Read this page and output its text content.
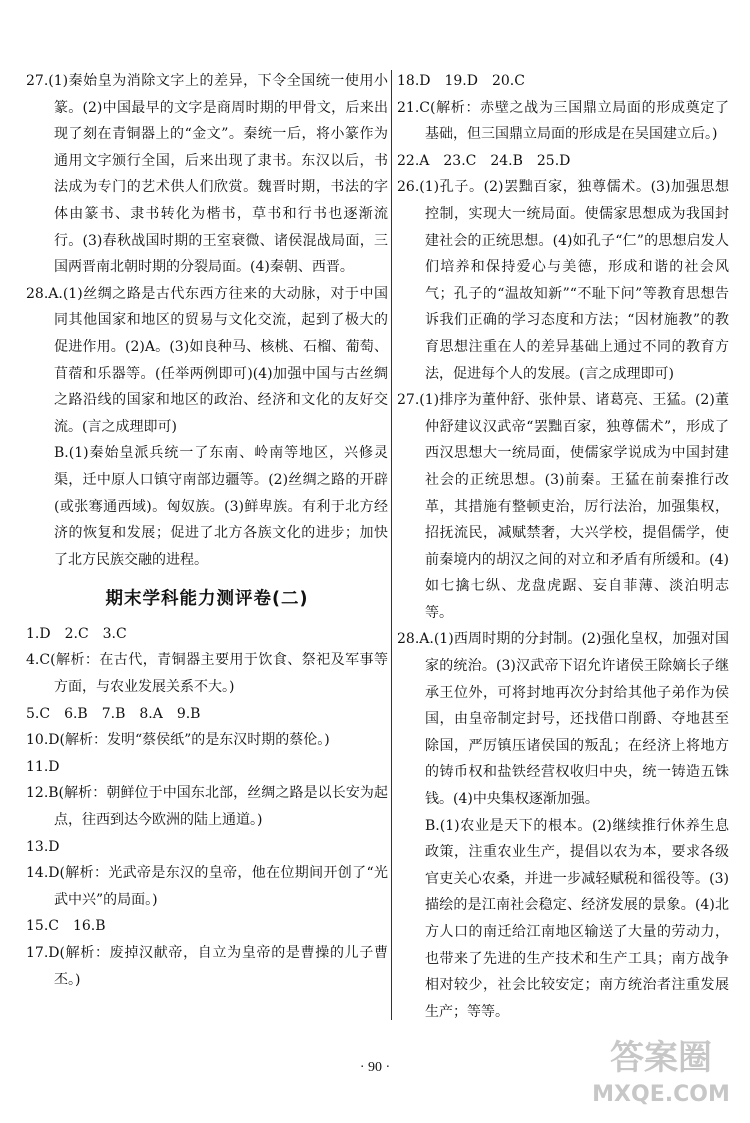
27.(1)秦始皇为消除文字上的差异，下令全国统一使用小篆。(2)中国最早的文字是商周时期的甲骨文，后来出现了刻在青铜器上的“金文”。秦统一后，将小篆作为通用文字颁行全国，后来出现了隶书。东汉以后，书法成为专门的艺术供人们欣赏。魏晋时期，书法的字体由篆书、隶书转化为楷书，草书和行书也逐渐流行。(3)春秋战国时期的王室衰微、诸侯混战局面，三国两晋南北朝时期的分裂局面。(4)秦朝、西晋。

28.A.(1)丝绸之路是古代东西方往来的大动脉，对于中国同其他国家和地区的贸易与文化交流，起到了极大的促进作用。(2)A。(3)如良种马、核桃、石榴、葡萄、苜蓿和乐器等。(任举两例即可)(4)加强中国与古丝绸之路沿线的国家和地区的政治、经济和文化的友好交流。(言之成理即可)

B.(1)秦始皇派兵统一了东南、岭南等地区，兴修灵渠，迁中原人口镇守南部边疆等。(2)丝绸之路的开辟(或张骞通西域)。匈奴族。(3)鲜卑族。有利于北方经济的恢复和发展；促进了北方各族文化的进步；加快了北方民族交融的进程。

期末学科能力测评卷(二)

1.D　2.C　3.C

4.C(解析：在古代，青铜器主要用于饮食、祭祀及军事等方面，与农业发展关系不大。)

5.C　6.B　7.B　8.A　9.B

10.D(解析：发明“蔡侯纸”的是东汉时期的蔡伦。)

11.D

12.B(解析：朝鲜位于中国东北部，丝绸之路是以长安为起点，往西到达今欧洲的陆上通道。)

13.D

14.D(解析：光武帝是东汉的皇帝，他在位期间开创了“光武中兴”的局面。)

15.C　16.B

17.D(解析：废掉汉献帝，自立为皇帝的是曹操的儿子曹丕。)

18.D　19.D　20.C

21.C(解析：赤壁之战为三国鼎立局面的形成奠定了基础，但三国鼎立局面的形成是在吴国建立后。)

22.A　23.C　24.B　25.D

26.(1)孔子。(2)罢黜百家，独尊儒术。(3)加强思想控制，实现大一统局面。使儒家思想成为我国封建社会的正统思想。(4)如孔子“仁”的思想启发人们培养和保持爱心与美德，形成和谐的社会风气；孔子的“温故知新”“不耻下问”等教育思想告诉我们正确的学习态度和方法；“因材施教”的教育思想注重在人的差异基础上通过不同的教育方法，促进每个人的发展。(言之成理即可)

27.(1)排序为董仲舒、张仲景、诸葛亮、王猛。(2)董仲舒建议汉武帝“罢黜百家，独尊儒术”，形成了西汉思想大一统局面，使儒家学说成为中国封建社会的正统思想。(3)前秦。王猛在前秦推行改革，其措施有整顿吏治，厉行法治，加强集权，招抚流民，减赋禁奢，大兴学校，提倡儒学，使前秦境内的胡汉之间的对立和矛盾有所缓和。(4)如七擒七纵、龙盘虎踞、妄自菲薄、淡泊明志等。

28.A.(1)西周时期的分封制。(2)强化皇权，加强对国家的统治。(3)汉武帝下诏允许诸侯王除嫡长子继承王位外，可将封地再次分封给其他子弟作为侯国，由皇帝制定封号，还找借口削爵、夺地甚至除国，严厉镇压诸侯国的叛乱；在经济上将地方的铸币权和盐铁经营权收归中央，统一铸造五铢钱。(4)中央集权逐渐加强。

B.(1)农业是天下的根本。(2)继续推行休养生息政策，注重农业生产，提倡以农为本，要求各级官吏关心农桑，并进一步减轻赋税和徭役等。(3)描绘的是江南社会稳定、经济发展的景象。(4)北方人口的南迁给江南地区输送了大量的劳动力，也带来了先进的生产技术和生产工具；南方战争相对较少，社会比较安定；南方统治者注重发展生产；等等。

· 90 ·	答案圈
MXQE.COM
